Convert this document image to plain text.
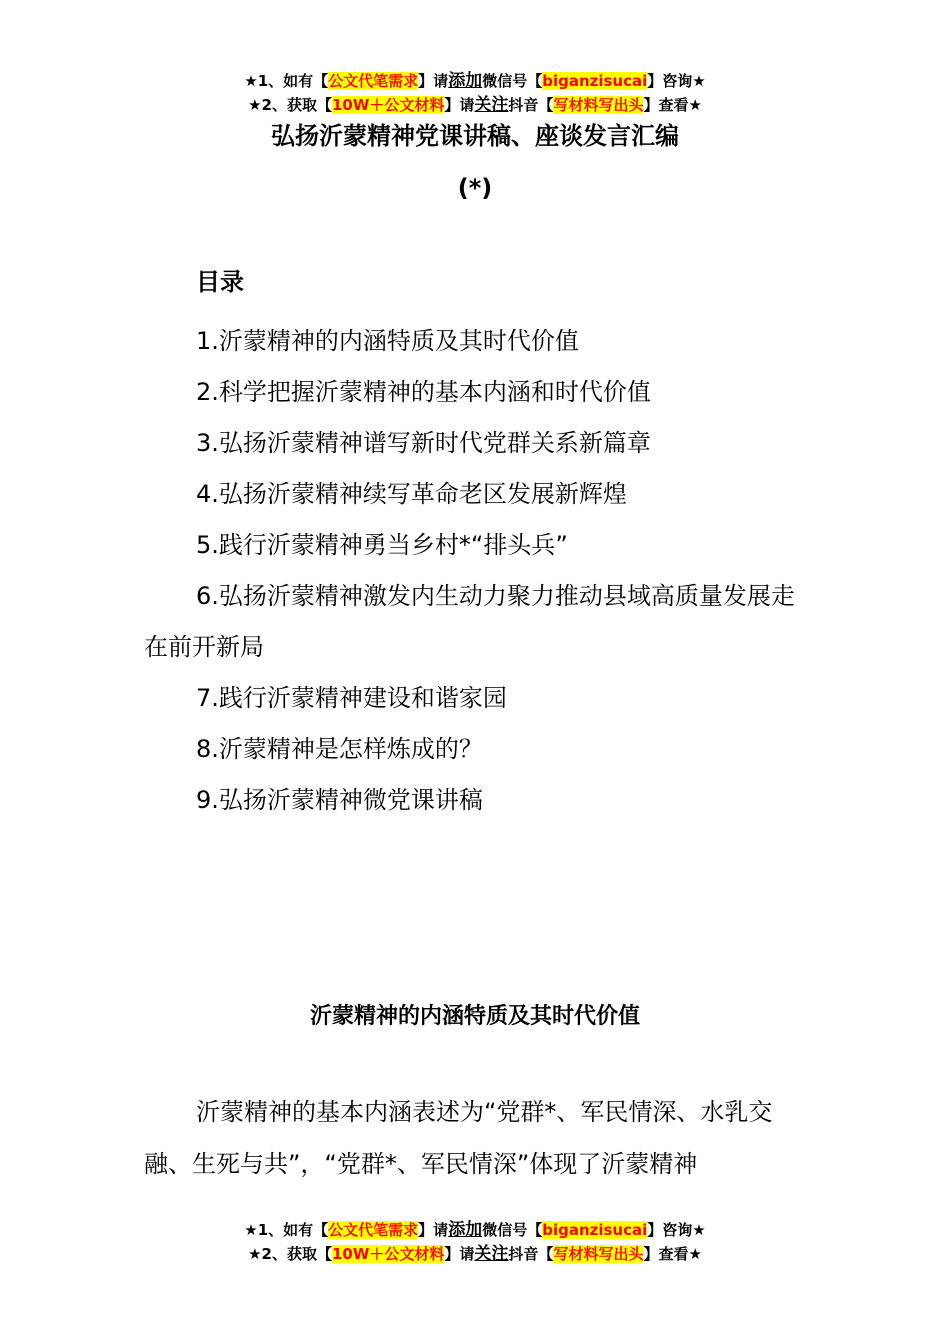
★1、如有【公文代笔需求】请添加微信号【biganzisucai】咨询★
★2、获取【10W＋公文材料】请关注抖音【写材料写出头】查看★
弘扬沂蒙精神党课讲稿、座谈发言汇编
(*)
目录
1.沂蒙精神的内涵特质及其时代价值
2.科学把握沂蒙精神的基本内涵和时代价值
3.弘扬沂蒙精神谱写新时代党群关系新篇章
4.弘扬沂蒙精神续写革命老区发展新辉煌
5.践行沂蒙精神勇当乡村*“排头兵”
6.弘扬沂蒙精神激发内生动力聚力推动县域高质量发展走在前开新局
7.践行沂蒙精神建设和谐家园
8.沂蒙精神是怎样炼成的？
9.弘扬沂蒙精神微党课讲稿
沂蒙精神的内涵特质及其时代价值

沂蒙精神的基本内涵表述为“党群*、军民情深、水乳交融、生死与共”，“党群*、军民情深”体现了沂蒙精神

★1、如有【公文代笔需求】请添加微信号【biganzisucai】咨询★
★2、获取【10W＋公文材料】请关注抖音【写材料写出头】查看★
